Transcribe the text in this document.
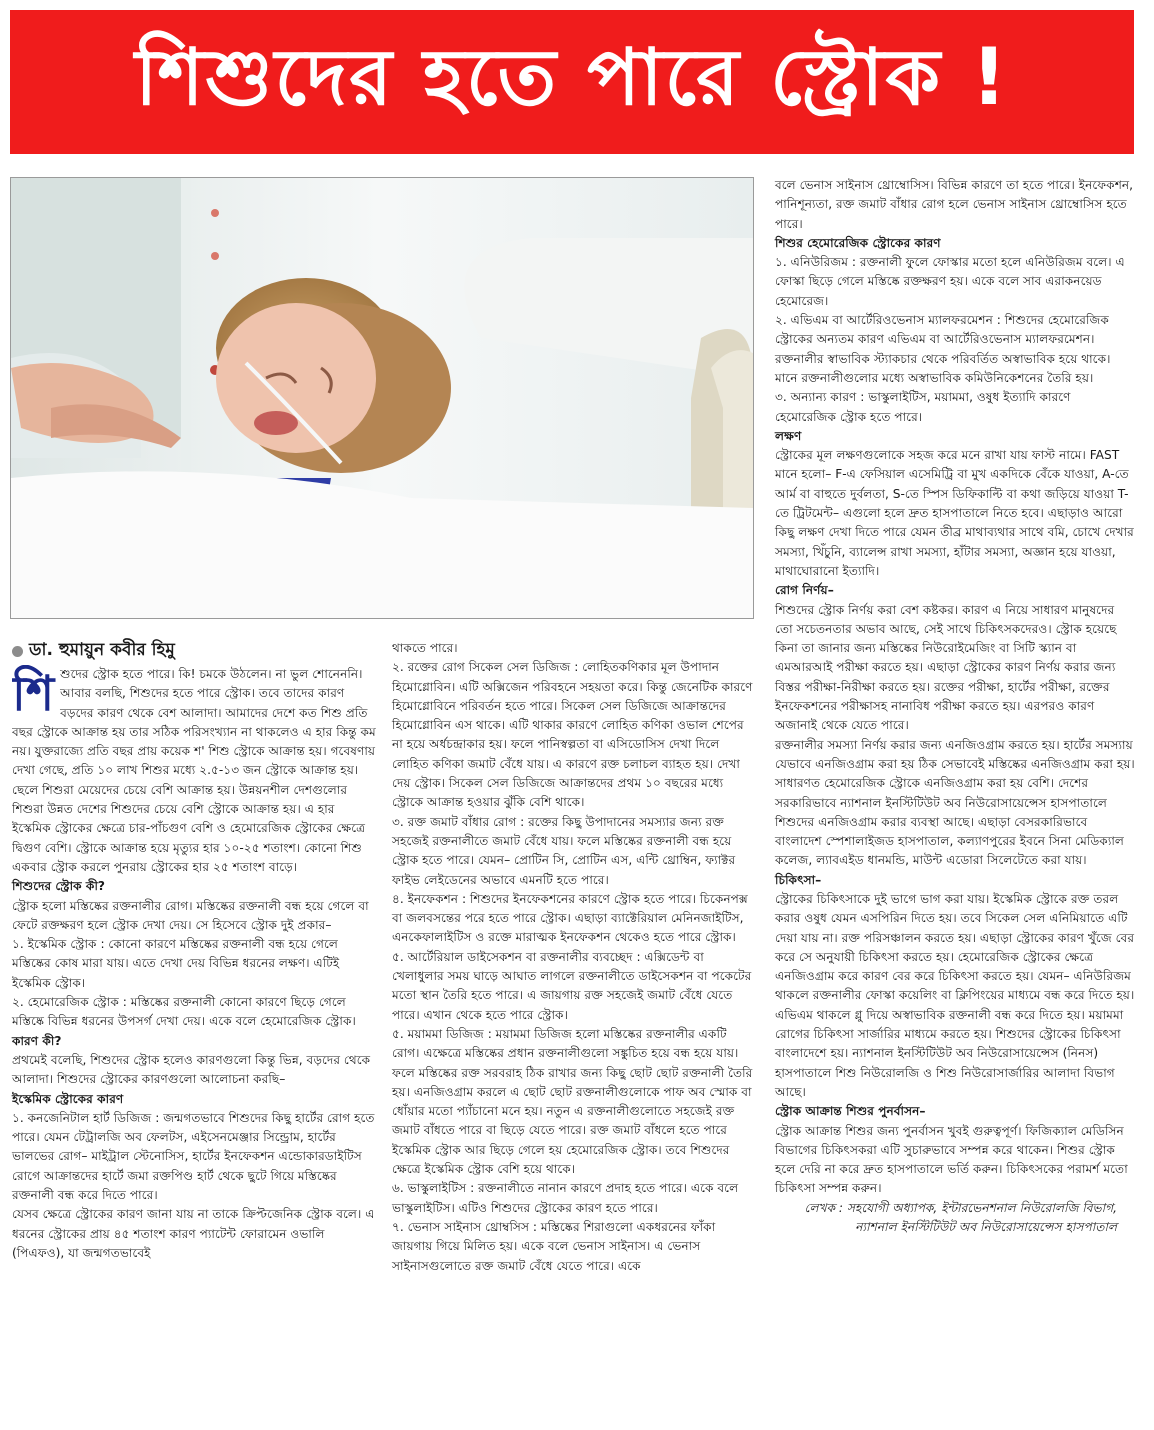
শিশুদের হতে পারে স্ট্রোক !
ডা. হুমায়ুন কবীর হিমু
শি শুদের স্ট্রোক হতে পারে। কি! চমকে উঠলেন। না ভুল শোনেননি। আবার বলছি, শিশুদের হতে পারে স্ট্রোক। তবে তাদের কারণ বড়দের কারণ থেকে বেশ আলাদা। আমাদের দেশে কত শিশু প্রতি বছর স্ট্রোকে আক্রান্ত হয় তার সঠিক পরিসংখ্যান না থাকলেও এ হার কিন্তু কম নয়। যুক্তরাজ্যে প্রতি বছর প্রায় কয়েক শ' শিশু স্ট্রোকে আক্রান্ত হয়। গবেষণায় দেখা গেছে, প্রতি ১০ লাখ শিশুর মধ্যে ২.৫-১৩ জন স্ট্রোকে আক্রান্ত হয়। ছেলে শিশুরা মেয়েদের চেয়ে বেশি আক্রান্ত হয়। উন্নয়নশীল দেশগুলোর শিশুরা উন্নত দেশের শিশুদের চেয়ে বেশি স্ট্রোকে আক্রান্ত হয়। এ হার ইস্কেমিক স্ট্রোকের ক্ষেত্রে চার-পাঁচগুণ বেশি ও হেমোরেজিক স্ট্রোকের ক্ষেত্রে দ্বিগুণ বেশি। স্ট্রোকে আক্রান্ত হয়ে মৃত্যুর হার ১০-২৫ শতাংশ। কোনো শিশু একবার স্ট্রোক করলে পুনরায় স্ট্রোকের হার ২৫ শতাংশ বাড়ে।

শিশুদের স্ট্রোক কী?

স্ট্রোক হলো মস্তিষ্কের রক্তনালীর রোগ। মস্তিষ্কের রক্তনালী বন্ধ হয়ে গেলে বা ফেটে রক্তক্ষরণ হলে স্ট্রোক দেখা দেয়। সে হিসেবে স্ট্রোক দুই প্রকার–

১. ইস্কেমিক স্ট্রোক : কোনো কারণে মস্তিষ্কের রক্তনালী বন্ধ হয়ে গেলে মস্তিষ্কের কোষ মারা যায়। এতে দেখা দেয় বিভিন্ন ধরনের লক্ষণ। এটিই ইস্কেমিক স্ট্রোক।

২. হেমোরেজিক স্ট্রোক : মস্তিষ্কের রক্তনালী কোনো কারণে ছিড়ে গেলে মস্তিষ্কে বিভিন্ন ধরনের উপসর্গ দেখা দেয়। একে বলে হেমোরেজিক স্ট্রোক।

কারণ কী?

প্রথমেই বলেছি, শিশুদের স্ট্রোক হলেও কারণগুলো কিন্তু ভিন্ন, বড়দের থেকে আলাদা। শিশুদের স্ট্রোকের কারণগুলো আলোচনা করছি–

ইস্কেমিক স্ট্রোকের কারণ

১. কনজেনিটাল হার্ট ডিজিজ : জন্মগতভাবে শিশুদের কিছু হার্টের রোগ হতে পারে। যেমন টেট্রালজি অব ফেলটস, এইসেনমেঞ্জার সিন্ড্রোম, হার্টের ভালভের রোগ– মাইট্রাল স্টেনোসিস, হার্টের ইনফেকশন এন্ডোকারডাইটিস রোগে আক্রান্তদের হার্টে জমা রক্তপিণ্ড হার্ট থেকে ছুটে গিয়ে মস্তিষ্কের রক্তনালী বন্ধ করে দিতে পারে।

যেসব ক্ষেত্রে স্ট্রোকের কারণ জানা যায় না তাকে ক্রিপ্টজেনিক স্ট্রোক বলে। এ ধরনের স্ট্রোকের প্রায় ৪৫ শতাংশ কারণ প্যাটেন্ট ফোরামেন ওভালি (পিএফও), যা জন্মগতভাবেই

থাকতে পারে।

২. রক্তের রোগ সিকেল সেল ডিজিজ : লোহিতকণিকার মূল উপাদান হিমোগ্লোবিন। এটি অক্সিজেন পরিবহনে সহয়তা করে। কিন্তু জেনেটিক কারণে হিমোগ্লোবিনে পরিবর্তন হতে পারে। সিকেল সেল ডিজিজে আক্রান্তদের হিমোগ্লোবিন এস থাকে। এটি থাকার কারণে লোহিত কণিকা ওভাল শেপের না হয়ে অর্ধচন্দ্রাকার হয়। ফলে পানিস্বল্পতা বা এসিডোসিস দেখা দিলে লোহিত কণিকা জমাট বেঁধে যায়। এ কারণে রক্ত চলাচল ব্যাহত হয়। দেখা দেয় স্ট্রোক। সিকেল সেল ডিজিজে আক্রান্তদের প্রথম ১০ বছরের মধ্যে স্ট্রোকে আক্রান্ত হওয়ার ঝুঁকি বেশি থাকে।

৩. রক্ত জমাট বাঁধার রোগ : রক্তের কিছু উপাদানের সমস্যার জন্য রক্ত সহজেই রক্তনালীতে জমাট বেঁধে যায়। ফলে মস্তিষ্কের রক্তনালী বন্ধ হয়ে স্ট্রোক হতে পারে। যেমন– প্রোটিন সি, প্রোটিন এস, এন্টি থ্রোম্বিন, ফ্যাক্টর ফাইভ লেইডেনের অভাবে এমনটি হতে পারে।

৪. ইনফেকশন : শিশুদের ইনফেকশনের কারণে স্ট্রোক হতে পারে। চিকেনপক্স বা জলবসন্তের পরে হতে পারে স্ট্রোক। এছাড়া ব্যাক্টেরিয়াল মেনিনজাইটিস, এনকেফালাইটিস ও রক্তে মারাত্মক ইনফেকশন থেকেও হতে পারে স্ট্রোক।

৫. আর্টেরিয়াল ডাইসেকশন বা রক্তনালীর ব্যবচ্ছেদ : এক্সিডেন্ট বা খেলাধুলার সময় ঘাড়ে আঘাত লাগলে রক্তনালীতে ডাইসেকশন বা পকেটের মতো স্থান তৈরি হতে পারে। এ জায়গায় রক্ত সহজেই জমাট বেঁধে যেতে পারে। এখান থেকে হতে পারে স্ট্রোক।

৫. ময়ামমা ডিজিজ : ময়ামমা ডিজিজ হলো মস্তিষ্কের রক্তনালীর একটি রোগ। এক্ষেত্রে মস্তিষ্কের প্রধান রক্তনালীগুলো সঙ্কুচিত হয়ে বন্ধ হয়ে যায়। ফলে মস্তিষ্কের রক্ত সরবরাহ ঠিক রাখার জন্য কিছু ছোট ছোট রক্তনালী তৈরি হয়। এনজিওগ্রাম করলে এ ছোট ছোট রক্তনালীগুলোকে পাফ অব স্মোক বা ধোঁয়ার মতো প্যাঁচানো মনে হয়। নতুন এ রক্তনালীগুলোতে সহজেই রক্ত জমাট বাঁধতে পারে বা ছিড়ে যেতে পারে। রক্ত জমাট বাঁধলে হতে পারে ইস্কেমিক স্ট্রোক আর ছিড়ে গেলে হয় হেমোরেজিক স্ট্রোক। তবে শিশুদের ক্ষেত্রে ইস্কেমিক স্ট্রোক বেশি হয়ে থাকে।

৬. ভাস্কুলাইটিস : রক্তনালীতে নানান কারণে প্রদাহ হতে পারে। একে বলে ভাস্কুলাইটিস। এটিও শিশুদের স্ট্রোকের কারণ হতে পারে।

৭. ভেনাস সাইনাস থ্রোম্বসিস : মস্তিষ্কের শিরাগুলো একধরনের ফাঁকা জায়গায় গিয়ে মিলিত হয়। একে বলে ভেনাস সাইনাস। এ ভেনাস সাইনাসগুলোতে রক্ত জমাট বেঁধে যেতে পারে। একে

বলে ভেনাস সাইনাস থ্রোম্বোসিস। বিভিন্ন কারণে তা হতে পারে। ইনফেকশন, পানিশূন্যতা, রক্ত জমাট বাঁধার রোগ হলে ভেনাস সাইনাস থ্রোম্বোসিস হতে পারে।

শিশুর হেমোরেজিক স্ট্রোকের কারণ

১. এনিউরিজম : রক্তনালী ফুলে ফোস্কার মতো হলে এনিউরিজম বলে। এ ফোস্কা ছিড়ে গেলে মস্তিষ্কে রক্তক্ষরণ হয়। একে বলে সাব এরাকনয়েড হেমোরেজ।

২. এভিএম বা আর্টেরিওভেনাস ম্যালফরমেশন : শিশুদের হেমোরেজিক স্ট্রোকের অন্যতম কারণ এভিএম বা আর্টেরিওভেনাস ম্যালফরমেশন। রক্তনালীর স্বাভাবিক স্ট্যাকচার থেকে পরিবর্তিত অস্বাভাবিক হয়ে থাকে। মানে রক্তনালীগুলোর মধ্যে অস্বাভাবিক কমিউনিকেশনের তৈরি হয়।

৩. অন্যান্য কারণ : ভাস্কুলাইটিস, ময়ামমা, ওষুধ ইত্যাদি কারণে হেমোরেজিক স্ট্রোক হতে পারে।

লক্ষণ

স্ট্রোকের মূল লক্ষণগুলোকে সহজ করে মনে রাখা যায় ফাস্ট নামে। FAST মানে হলো– F-এ ফেসিয়াল এসেমিট্রি বা মুখ একদিকে বেঁকে যাওয়া, A-তে আর্ম বা বাহুতে দুর্বলতা, S-তে স্পিস ডিফিকাল্টি বা কথা জড়িয়ে যাওয়া T-তে ট্রিটমেন্ট– এগুলো হলে দ্রুত হাসপাতালে নিতে হবে। এছাড়াও আরো কিছু লক্ষণ দেখা দিতে পারে যেমন তীব্র মাথাব্যথার সাথে বমি, চোখে দেখার সমস্যা, খিঁচুনি, ব্যালেন্স রাখা সমস্যা, হাঁটার সমস্যা, অজ্ঞান হয়ে যাওয়া, মাথাঘোরানো ইত্যাদি।

রোগ নির্ণয়–

শিশুদের স্ট্রোক নির্ণয় করা বেশ কষ্টকর। কারণ এ নিয়ে সাধারণ মানুষদের তো সচেতনতার অভাব আছে, সেই সাথে চিকিৎসকদেরও। স্ট্রোক হয়েছে কিনা তা জানার জন্য মস্তিষ্কের নিউরোইমেজিং বা সিটি স্ক্যান বা এমআরআই পরীক্ষা করতে হয়। এছাড়া স্ট্রোকের কারণ নির্ণয় করার জন্য বিস্তর পরীক্ষা-নিরীক্ষা করতে হয়। রক্তের পরীক্ষা, হার্টের পরীক্ষা, রক্তের ইনফেকশনের পরীক্ষাসহ নানাবিধ পরীক্ষা করতে হয়। এরপরও কারণ অজানাই থেকে যেতে পারে।

রক্তনালীর সমস্যা নির্ণয় করার জন্য এনজিওগ্রাম করতে হয়। হার্টের সমস্যায় যেভাবে এনজিওগ্রাম করা হয় ঠিক সেভাবেই মস্তিষ্কের এনজিওগ্রাম করা হয়। সাধারণত হেমোরেজিক স্ট্রোকে এনজিওগ্রাম করা হয় বেশি। দেশের সরকারিভাবে ন্যাশনাল ইনস্টিটিউট অব নিউরোসায়েন্সেস হাসপাতালে শিশুদের এনজিওগ্রাম করার ব্যবস্থা আছে। এছাড়া বেসরকারিভাবে বাংলাদেশ স্পেশালাইজড হাসপাতাল, কল্যাণপুরের ইবনে সিনা মেডিক্যাল কলেজ, ল্যাবএইড ধানমন্ডি, মাউন্ট এডোরা সিলেটেতে করা যায়।

চিকিৎসা–

স্ট্রোকের চিকিৎসাকে দুই ভাগে ভাগ করা যায়। ইস্কেমিক স্ট্রোকে রক্ত তরল করার ওষুধ যেমন এসপিরিন দিতে হয়। তবে সিকেল সেল এনিমিয়াতে এটি দেয়া যায় না। রক্ত পরিসঞ্চালন করতে হয়। এছাড়া স্ট্রোকের কারণ খুঁজে বের করে সে অনুযায়ী চিকিৎসা করতে হয়। হেমোরেজিক স্ট্রোকের ক্ষেত্রে এনজিওগ্রাম করে কারণ বের করে চিকিৎসা করতে হয়। যেমন– এনিউরিজম থাকলে রক্তনালীর ফোস্কা কয়েলিং বা ক্লিপিংয়ের মাধ্যমে বন্ধ করে দিতে হয়। এভিএম থাকলে গ্লু দিয়ে অস্বাভাবিক রক্তনালী বন্ধ করে দিতে হয়। ময়ামমা রোগের চিকিৎসা সার্জারির মাধ্যমে করতে হয়। শিশুদের স্ট্রোকের চিকিৎসা বাংলাদেশে হয়। ন্যাশনাল ইনস্টিটিউট অব নিউরোসায়েন্সেস (নিনস) হাসপাতালে শিশু নিউরোলজি ও শিশু নিউরোসার্জারির আলাদা বিভাগ আছে।

স্ট্রোক আক্রান্ত শিশুর পুনর্বাসন–

স্ট্রোক আক্রান্ত শিশুর জন্য পুনর্বাসন খুবই গুরুত্বপূর্ণ। ফিজিক্যাল মেডিসিন বিভাগের চিকিৎসকরা এটি সুচারুভাবে সম্পন্ন করে থাকেন। শিশুর স্ট্রোক হলে দেরি না করে দ্রুত হাসপাতালে ভর্তি করুন। চিকিৎসকের পরামর্শ মতো চিকিৎসা সম্পন্ন করুন।

লেখক : সহযোগী অধ্যাপক, ইন্টারভেনশনাল নিউরোলজি বিভাগ, ন্যাশনাল ইনস্টিটিউট অব নিউরোসায়েন্সেস হাসপাতাল
